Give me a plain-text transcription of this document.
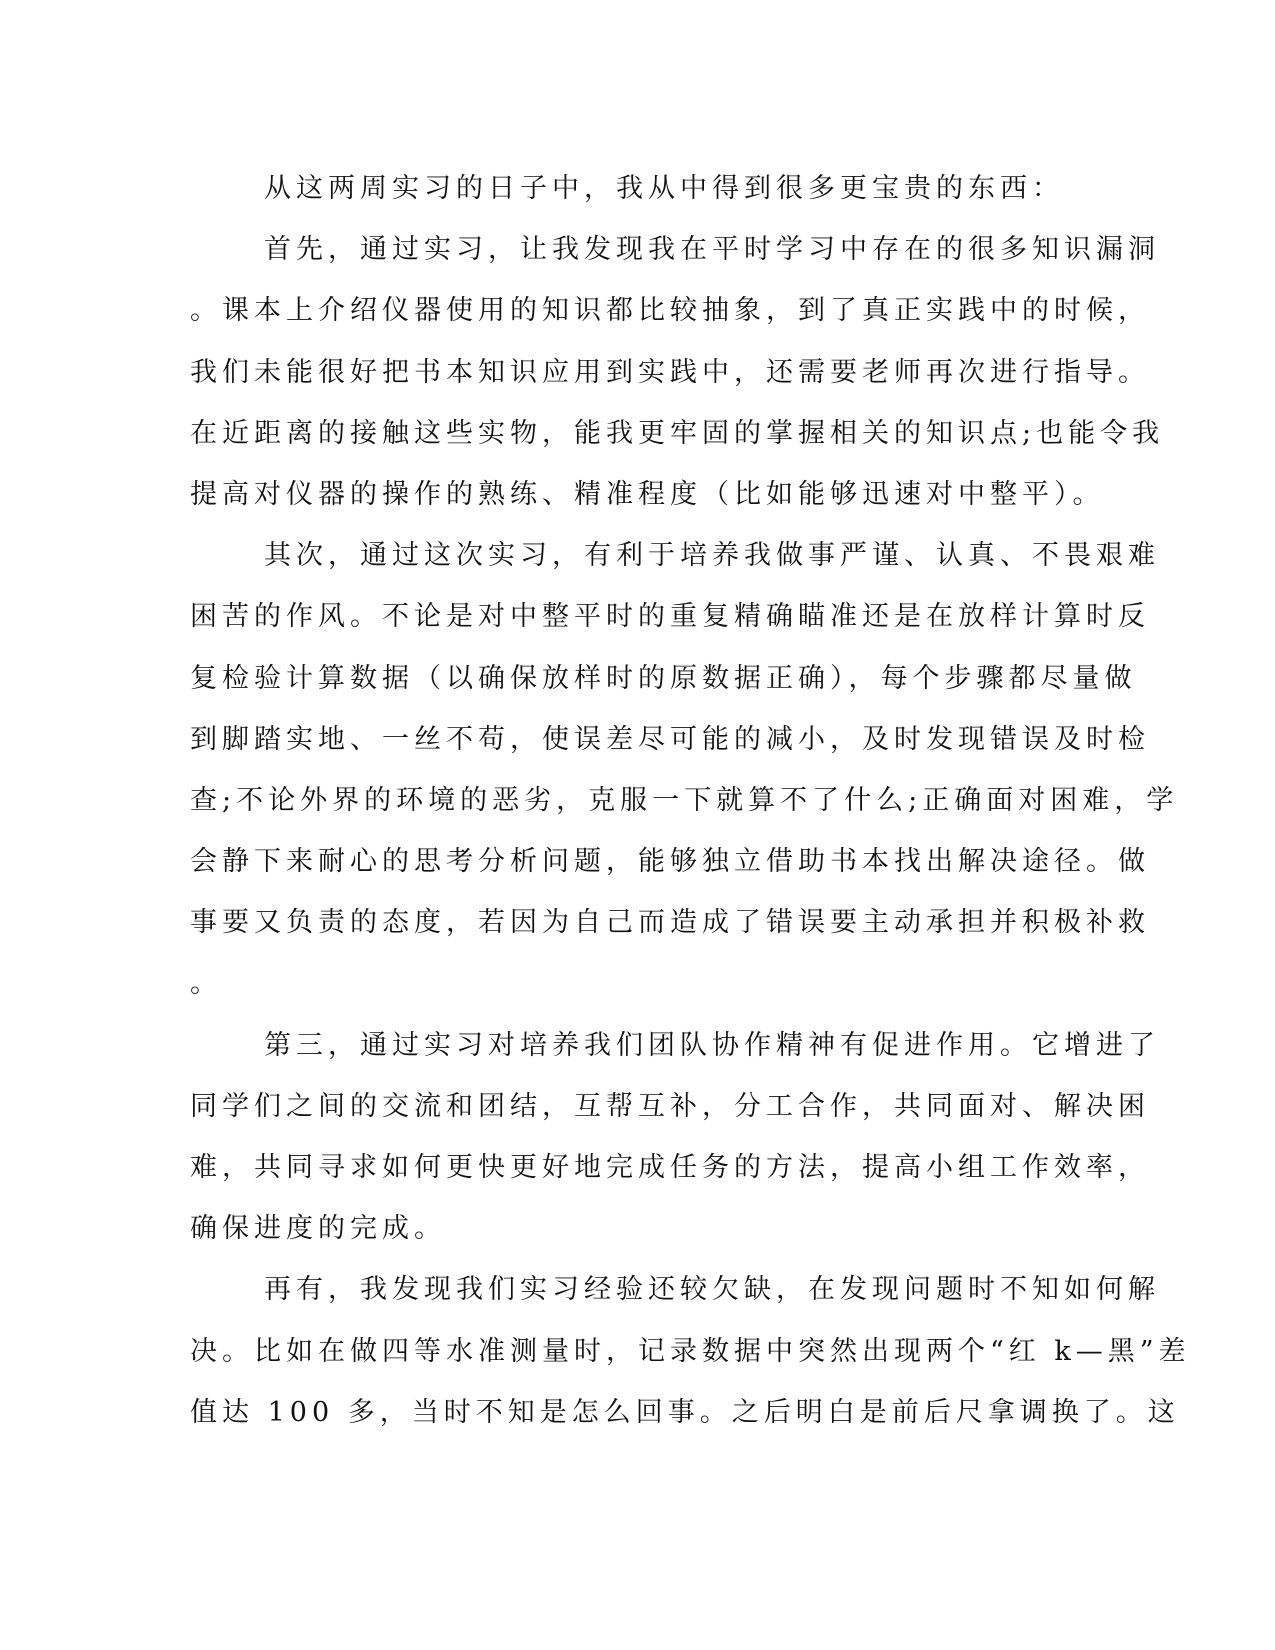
从这两周实习的日子中，我从中得到很多更宝贵的东西：
首先，通过实习，让我发现我在平时学习中存在的很多知识漏洞
。课本上介绍仪器使用的知识都比较抽象，到了真正实践中的时候，
我们未能很好把书本知识应用到实践中，还需要老师再次进行指导。
在近距离的接触这些实物，能我更牢固的掌握相关的知识点;也能令我
提高对仪器的操作的熟练、精准程度（比如能够迅速对中整平）。
其次，通过这次实习，有利于培养我做事严谨、认真、不畏艰难
困苦的作风。不论是对中整平时的重复精确瞄准还是在放样计算时反
复检验计算数据（以确保放样时的原数据正确），每个步骤都尽量做
到脚踏实地、一丝不苟，使误差尽可能的减小，及时发现错误及时检
查;不论外界的环境的恶劣，克服一下就算不了什么;正确面对困难，学
会静下来耐心的思考分析问题，能够独立借助书本找出解决途径。做
事要又负责的态度，若因为自己而造成了错误要主动承担并积极补救
。
第三，通过实习对培养我们团队协作精神有促进作用。它增进了
同学们之间的交流和团结，互帮互补，分工合作，共同面对、解决困
难，共同寻求如何更快更好地完成任务的方法，提高小组工作效率，
确保进度的完成。
再有，我发现我们实习经验还较欠缺，在发现问题时不知如何解
决。比如在做四等水准测量时，记录数据中突然出现两个“红 k—黑”差
值达 100 多，当时不知是怎么回事。之后明白是前后尺拿调换了。这
